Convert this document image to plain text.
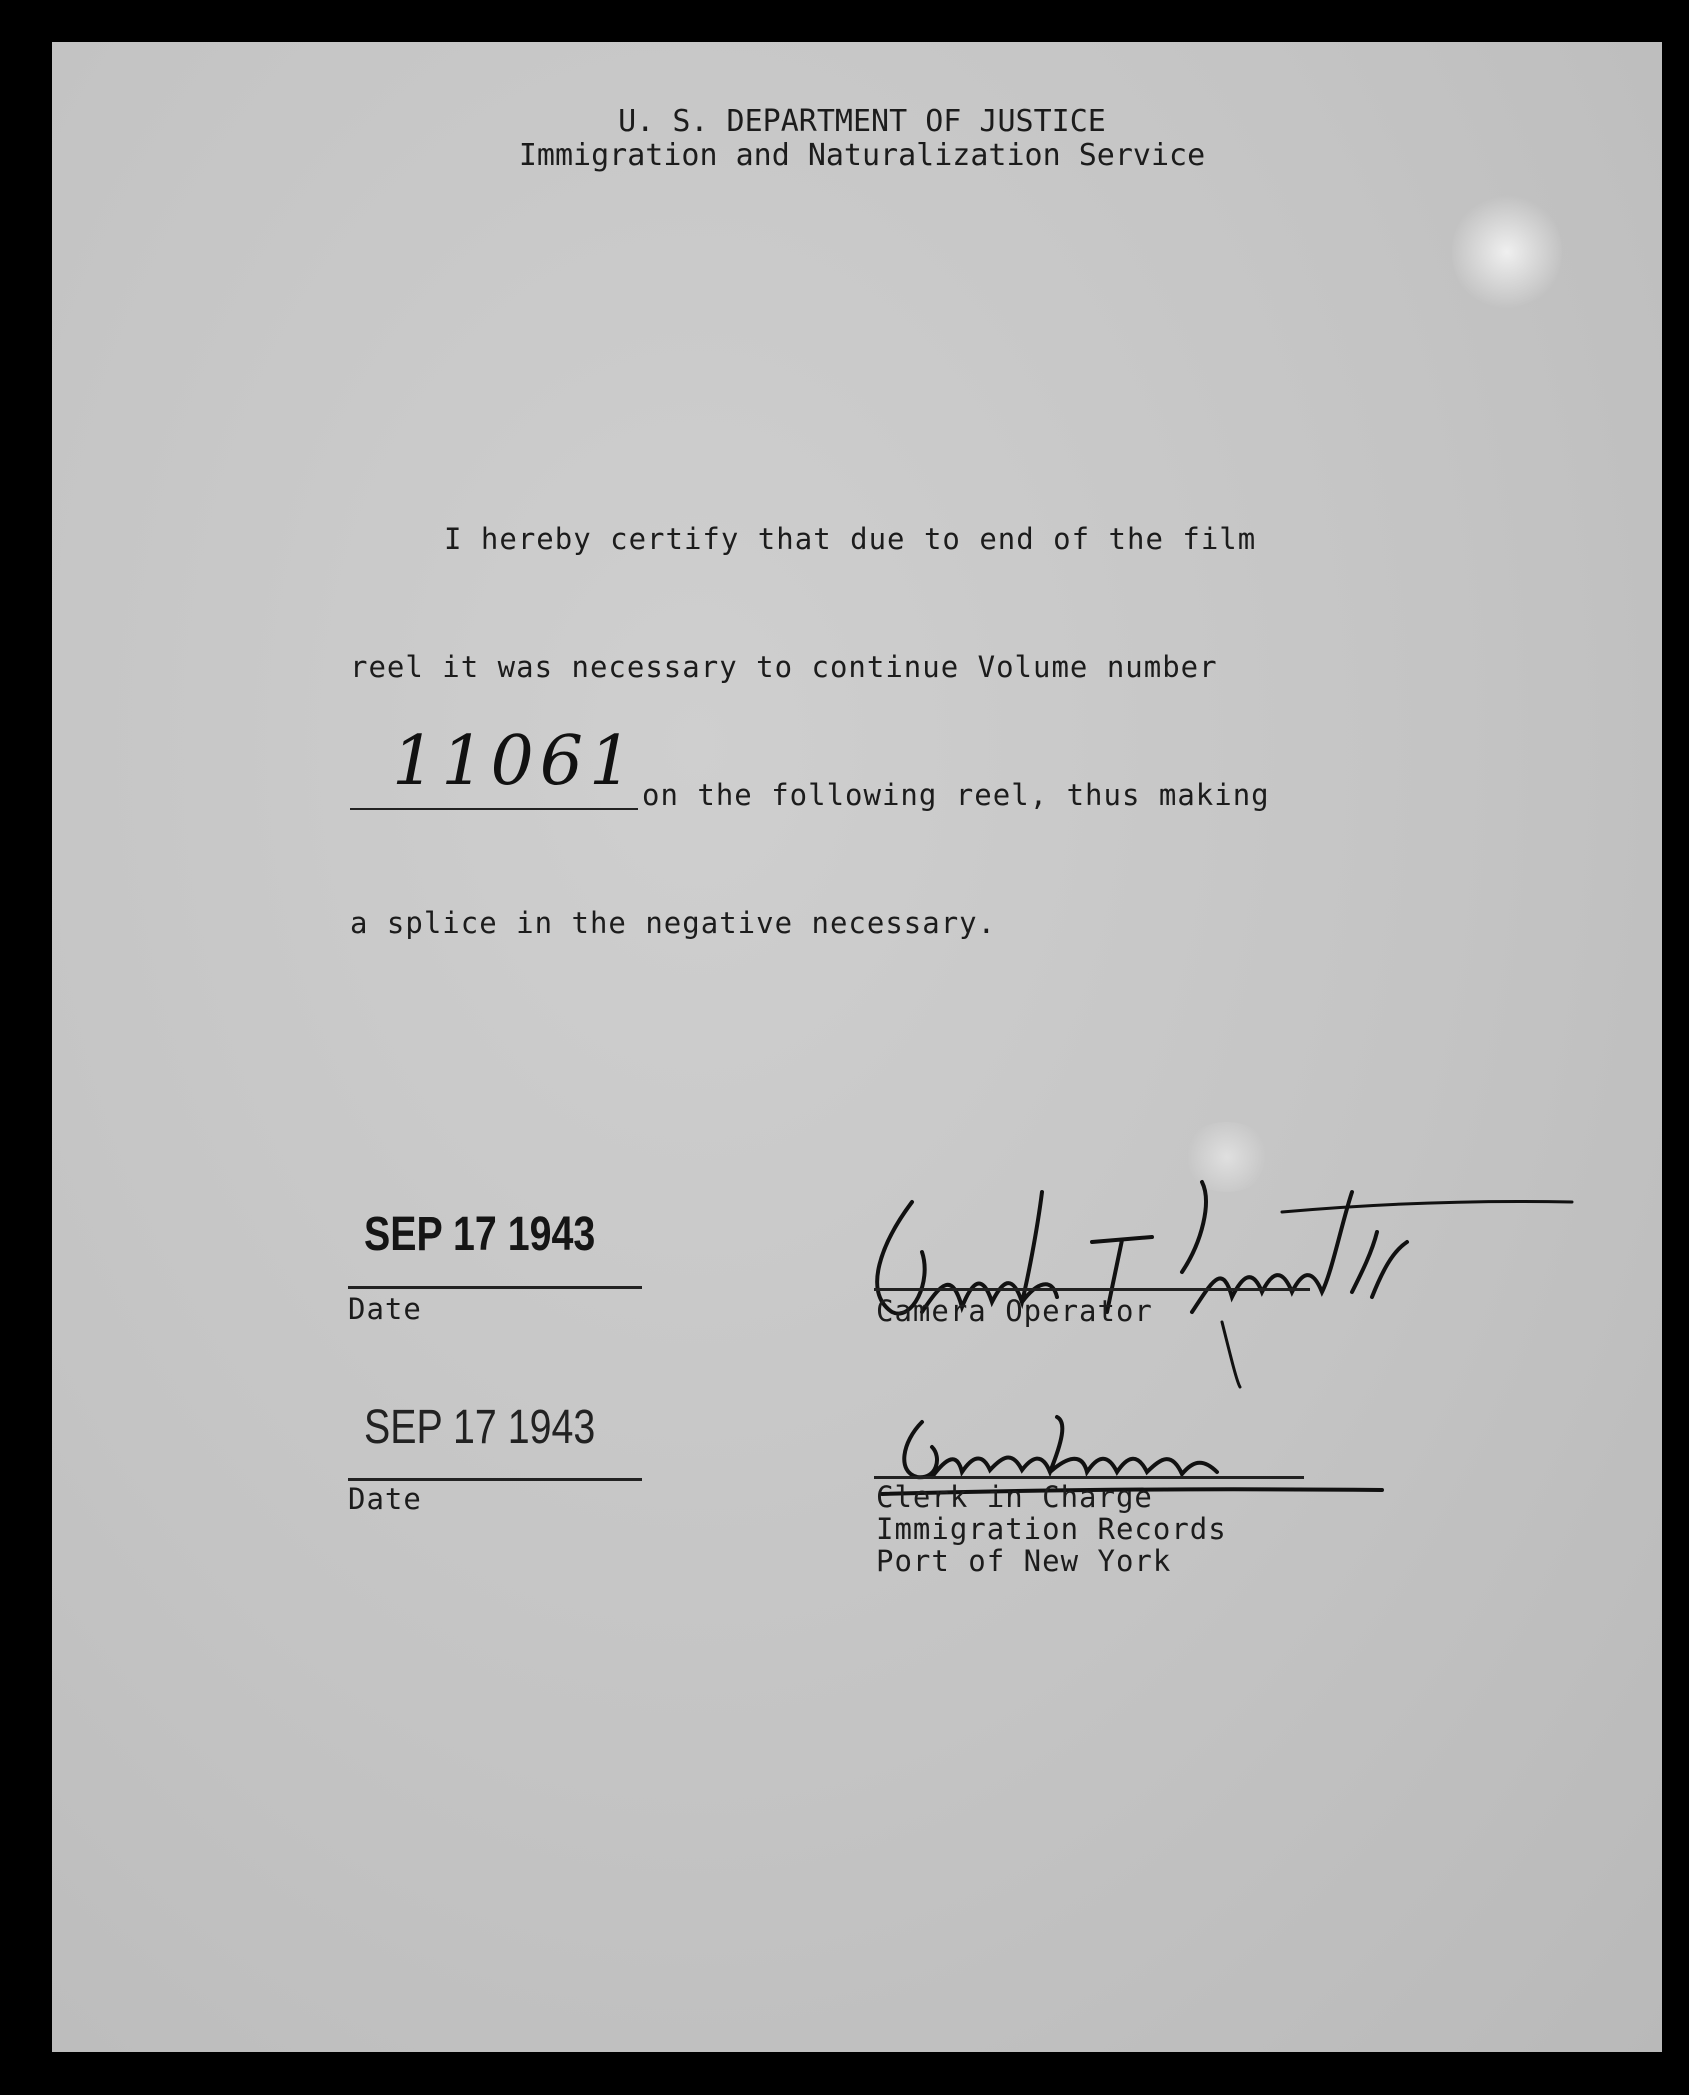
U. S. DEPARTMENT OF JUSTICE
Immigration and Naturalization Service
I hereby certify that due to end of the film
reel it was necessary to continue Volume number
11061 on the following reel, thus making
a splice in the negative necessary.
SEP 17 1943
Date	Camera Operator
SEP 17 1943
Date	Clerk in Charge
Immigration Records
Port of New York
